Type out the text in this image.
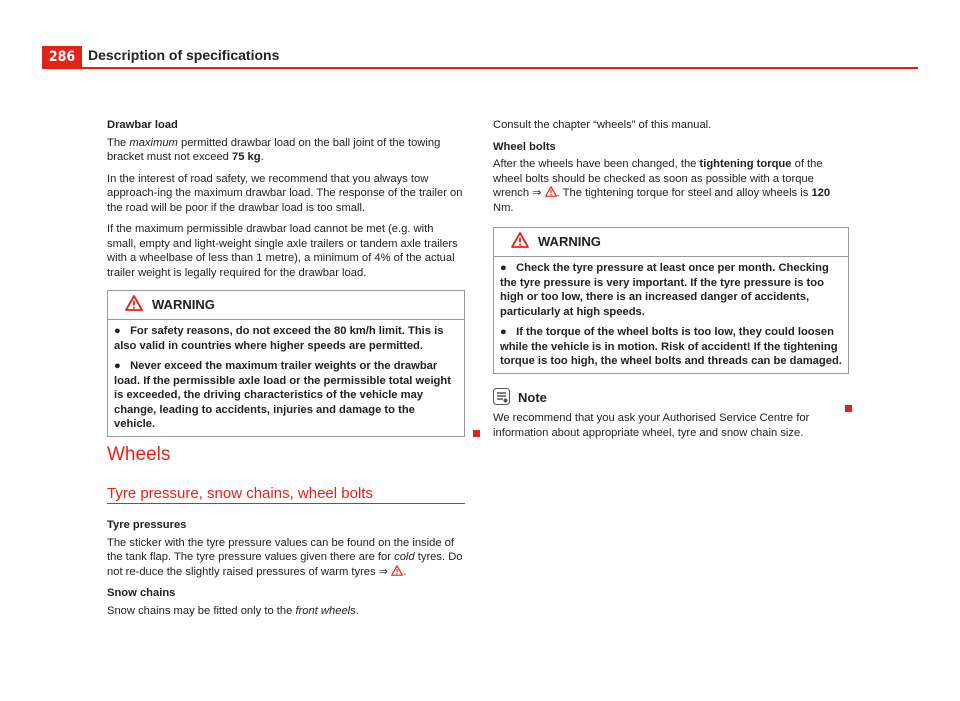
286 Description of specifications
Drawbar load

The maximum permitted drawbar load on the ball joint of the towing bracket must not exceed 75 kg.

In the interest of road safety, we recommend that you always tow approach-ing the maximum drawbar load. The response of the trailer on the road will be poor if the drawbar load is too small.

If the maximum permissible drawbar load cannot be met (e.g. with small, empty and light-weight single axle trailers or tandem axle trailers with a wheelbase of less than 1 metre), a minimum of 4% of the actual trailer weight is legally required for the drawbar load.

WARNING

●   For safety reasons, do not exceed the 80 km/h limit. This is also valid in countries where higher speeds are permitted.

●   Never exceed the maximum trailer weights or the drawbar load. If the permissible axle load or the permissible total weight is exceeded, the driving characteristics of the vehicle may change, leading to accidents, injuries and damage to the vehicle.

Wheels
Tyre pressure, snow chains, wheel bolts
Tyre pressures

The sticker with the tyre pressure values can be found on the inside of the tank flap. The tyre pressure values given there are for cold tyres. Do not re-duce the slightly raised pressures of warm tyres ⇒ .

Snow chains

Snow chains may be fitted only to the front wheels.

Consult the chapter “wheels” of this manual.

Wheel bolts

After the wheels have been changed, the tightening torque of the wheel bolts should be checked as soon as possible with a torque wrench ⇒ . The tightening torque for steel and alloy wheels is 120 Nm.

WARNING

●   Check the tyre pressure at least once per month. Checking the tyre pressure is very important. If the tyre pressure is too high or too low, there is an increased danger of accidents, particularly at high speeds.

●   If the torque of the wheel bolts is too low, they could loosen while the vehicle is in motion. Risk of accident! If the tightening torque is too high, the wheel bolts and threads can be damaged.

Note

We recommend that you ask your Authorised Service Centre for information about appropriate wheel, tyre and snow chain size.
